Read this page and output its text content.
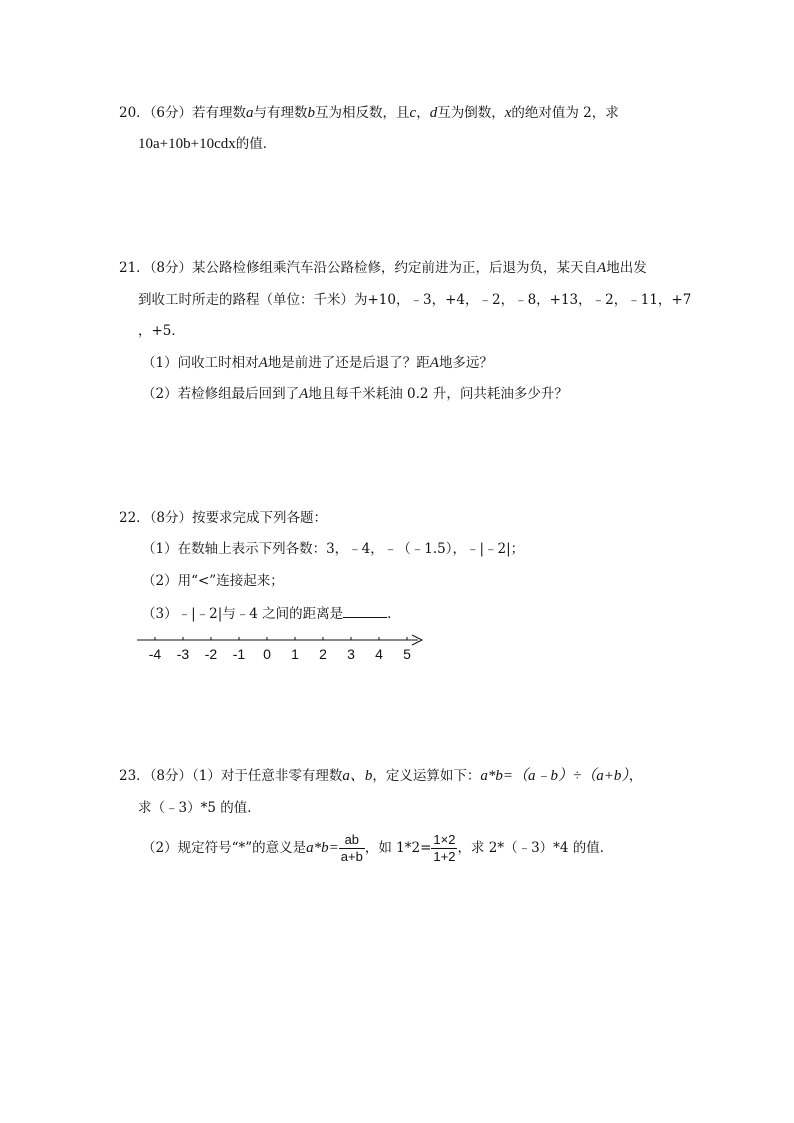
20．（6分）若有理数a与有理数b互为相反数，且c，d互为倒数，x的绝对值为 2，求
10a+10b+10cdx的值．
21．（8分）某公路检修组乘汽车沿公路检修，约定前进为正，后退为负，某天自A地出发
到收工时所走的路程（单位：千米）为+10，﹣3，+4，﹣2，﹣8，+13，﹣2，﹣11，+7
，+5．
（1）问收工时相对A地是前进了还是后退了？距A地多远？
（2）若检修组最后回到了A地且每千米耗油 0.2 升，问共耗油多少升？
22．（8分）按要求完成下列各题：
（1）在数轴上表示下列各数：3，﹣4，﹣（﹣1.5），﹣|﹣2|；
（2）用“<”连接起来；
（3）﹣|﹣2|与﹣4 之间的距离是	．
-4 -3 -2 -1 0 1 2 3 4 5
23．（8分）（1）对于任意非零有理数a、b，定义运算如下：a*b=（a﹣b）÷（a+b），
求（﹣3）*5 的值．
（2）规定符号“*”的意义是$a*b= \frac{ab}{a+b}$ ，如 $1*2= \frac{1\times 2}{1+2}$ ，求 2*（﹣3）*4 的值．
